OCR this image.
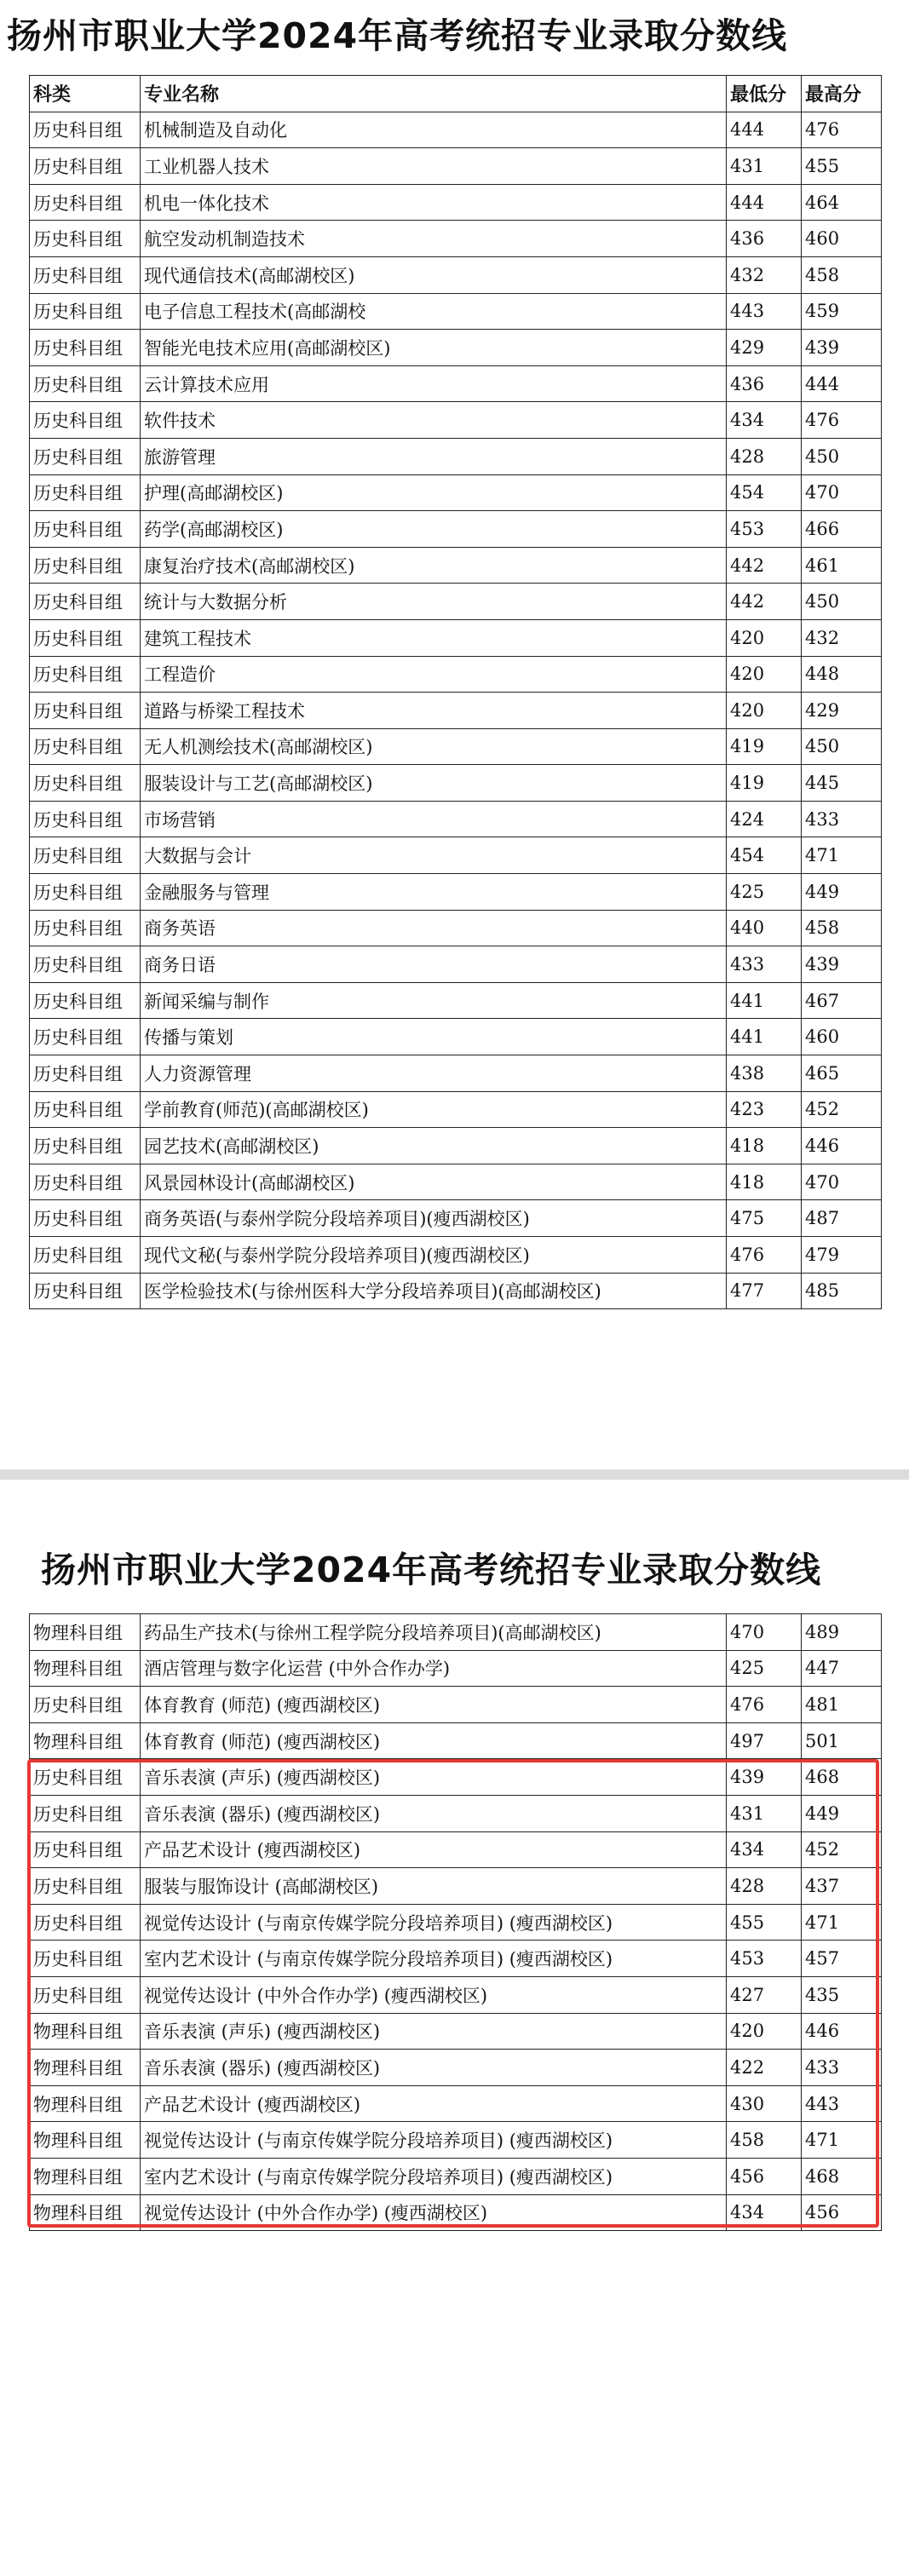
扬州市职业大学2024年高考统招专业录取分数线
科类	专业名称	最低分	最高分
历史科目组	机械制造及自动化	444	476
历史科目组	工业机器人技术	431	455
历史科目组	机电一体化技术	444	464
历史科目组	航空发动机制造技术	436	460
历史科目组	现代通信技术(高邮湖校区)	432	458
历史科目组	电子信息工程技术(高邮湖校	443	459
历史科目组	智能光电技术应用(高邮湖校区)	429	439
历史科目组	云计算技术应用	436	444
历史科目组	软件技术	434	476
历史科目组	旅游管理	428	450
历史科目组	护理(高邮湖校区)	454	470
历史科目组	药学(高邮湖校区)	453	466
历史科目组	康复治疗技术(高邮湖校区)	442	461
历史科目组	统计与大数据分析	442	450
历史科目组	建筑工程技术	420	432
历史科目组	工程造价	420	448
历史科目组	道路与桥梁工程技术	420	429
历史科目组	无人机测绘技术(高邮湖校区)	419	450
历史科目组	服装设计与工艺(高邮湖校区)	419	445
历史科目组	市场营销	424	433
历史科目组	大数据与会计	454	471
历史科目组	金融服务与管理	425	449
历史科目组	商务英语	440	458
历史科目组	商务日语	433	439
历史科目组	新闻采编与制作	441	467
历史科目组	传播与策划	441	460
历史科目组	人力资源管理	438	465
历史科目组	学前教育(师范)(高邮湖校区)	423	452
历史科目组	园艺技术(高邮湖校区)	418	446
历史科目组	风景园林设计(高邮湖校区)	418	470
历史科目组	商务英语(与泰州学院分段培养项目)(瘦西湖校区)	475	487
历史科目组	现代文秘(与泰州学院分段培养项目)(瘦西湖校区)	476	479
历史科目组	医学检验技术(与徐州医科大学分段培养项目)(高邮湖校区)	477	485
扬州市职业大学2024年高考统招专业录取分数线
物理科目组	药品生产技术(与徐州工程学院分段培养项目)(高邮湖校区)	470	489
物理科目组	酒店管理与数字化运营 (中外合作办学)	425	447
历史科目组	体育教育 (师范) (瘦西湖校区)	476	481
物理科目组	体育教育 (师范) (瘦西湖校区)	497	501
历史科目组	音乐表演 (声乐) (瘦西湖校区)	439	468
历史科目组	音乐表演 (器乐) (瘦西湖校区)	431	449
历史科目组	产品艺术设计 (瘦西湖校区)	434	452
历史科目组	服装与服饰设计 (高邮湖校区)	428	437
历史科目组	视觉传达设计 (与南京传媒学院分段培养项目) (瘦西湖校区)	455	471
历史科目组	室内艺术设计 (与南京传媒学院分段培养项目) (瘦西湖校区)	453	457
历史科目组	视觉传达设计 (中外合作办学) (瘦西湖校区)	427	435
物理科目组	音乐表演 (声乐) (瘦西湖校区)	420	446
物理科目组	音乐表演 (器乐) (瘦西湖校区)	422	433
物理科目组	产品艺术设计 (瘦西湖校区)	430	443
物理科目组	视觉传达设计 (与南京传媒学院分段培养项目) (瘦西湖校区)	458	471
物理科目组	室内艺术设计 (与南京传媒学院分段培养项目) (瘦西湖校区)	456	468
物理科目组	视觉传达设计 (中外合作办学) (瘦西湖校区)	434	456
